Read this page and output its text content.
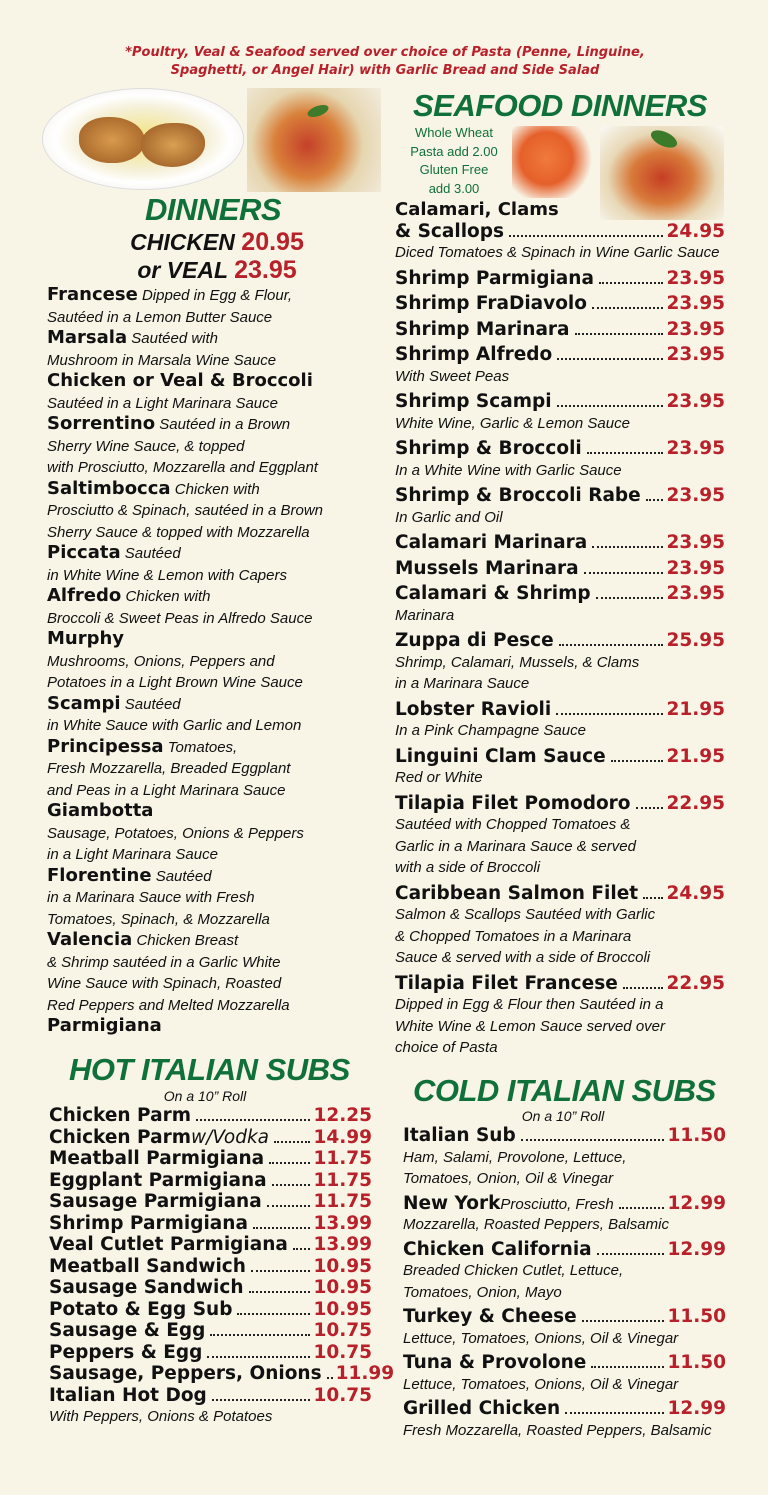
*Poultry, Veal & Seafood served over choice of Pasta (Penne, Linguine, Spaghetti, or Angel Hair) with Garlic Bread and Side Salad
DINNERS
CHICKEN 20.95
or VEAL 23.95
Francese Dipped in Egg & Flour,
Sautéed in a Lemon Butter Sauce
Marsala Sautéed with
Mushroom in Marsala Wine Sauce
Chicken or Veal & Broccoli
Sautéed in a Light Marinara Sauce
Sorrentino Sautéed in a Brown
Sherry Wine Sauce, & topped
with Prosciutto, Mozzarella and Eggplant
Saltimbocca Chicken with
Prosciutto & Spinach, sautéed in a Brown
Sherry Sauce & topped with Mozzarella
Piccata Sautéed
in White Wine & Lemon with Capers
Alfredo Chicken with
Broccoli & Sweet Peas in Alfredo Sauce
Murphy
Mushrooms, Onions, Peppers and
Potatoes in a Light Brown Wine Sauce
Scampi Sautéed
in White Sauce with Garlic and Lemon
Principessa Tomatoes,
Fresh Mozzarella, Breaded Eggplant
and Peas in a Light Marinara Sauce
Giambotta
Sausage, Potatoes, Onions & Peppers
in a Light Marinara Sauce
Florentine Sautéed
in a Marinara Sauce with Fresh
Tomatoes, Spinach, & Mozzarella
Valencia Chicken Breast
& Shrimp sautéed in a Garlic White
Wine Sauce with Spinach, Roasted
Red Peppers and Melted Mozzarella
Parmigiana
HOT ITALIAN SUBS
On a 10” Roll
Chicken Parm	12.25
Chicken Parm w/Vodka 14.99
Meatball Parmigiana	11.75
Eggplant Parmigiana	11.75
Sausage Parmigiana	11.75
Shrimp Parmigiana	13.99
Veal Cutlet Parmigiana 13.99
Meatball Sandwich	10.95
Sausage Sandwich	10.95
Potato & Egg Sub	10.95
Sausage & Egg	10.75
Peppers & Egg	10.75
Sausage, Peppers, Onions 11.99
Italian Hot Dog	10.75
With Peppers, Onions & Potatoes
SEAFOOD DINNERS
Whole Wheat
Pasta add 2.00
Gluten Free
add 3.00
Calamari, Clams
& Scallops	24.95
Diced Tomatoes & Spinach in Wine Garlic Sauce
Shrimp Parmigiana	23.95
Shrimp FraDiavolo	23.95
Shrimp Marinara	23.95
Shrimp Alfredo	23.95
With Sweet Peas
Shrimp Scampi	23.95
White Wine, Garlic & Lemon Sauce
Shrimp & Broccoli	23.95
In a White Wine with Garlic Sauce
Shrimp & Broccoli Rabe 23.95
In Garlic and Oil
Calamari Marinara	23.95
Mussels Marinara	23.95
Calamari & Shrimp	23.95
Marinara
Zuppa di Pesce	25.95
Shrimp, Calamari, Mussels, & Clams
in a Marinara Sauce
Lobster Ravioli	21.95
In a Pink Champagne Sauce
Linguini Clam Sauce	21.95
Red or White
Tilapia Filet Pomodoro 22.95
Sautéed with Chopped Tomatoes &
Garlic in a Marinara Sauce & served
with a side of Broccoli
Caribbean Salmon Filet 24.95
Salmon & Scallops Sautéed with Garlic
& Chopped Tomatoes in a Marinara
Sauce & served with a side of Broccoli
Tilapia Filet Francese	22.95
Dipped in Egg & Flour then Sautéed in a
White Wine & Lemon Sauce served over
choice of Pasta
COLD ITALIAN SUBS
On a 10” Roll
Italian Sub	11.50
Ham, Salami, Provolone, Lettuce,
Tomatoes, Onion, Oil & Vinegar
New York Prosciutto, Fresh	12.99
Mozzarella, Roasted Peppers, Balsamic
Chicken California	12.99
Breaded Chicken Cutlet, Lettuce,
Tomatoes, Onion, Mayo
Turkey & Cheese	11.50
Lettuce, Tomatoes, Onions, Oil & Vinegar
Tuna & Provolone	11.50
Lettuce, Tomatoes, Onions, Oil & Vinegar
Grilled Chicken	12.99
Fresh Mozzarella, Roasted Peppers, Balsamic
